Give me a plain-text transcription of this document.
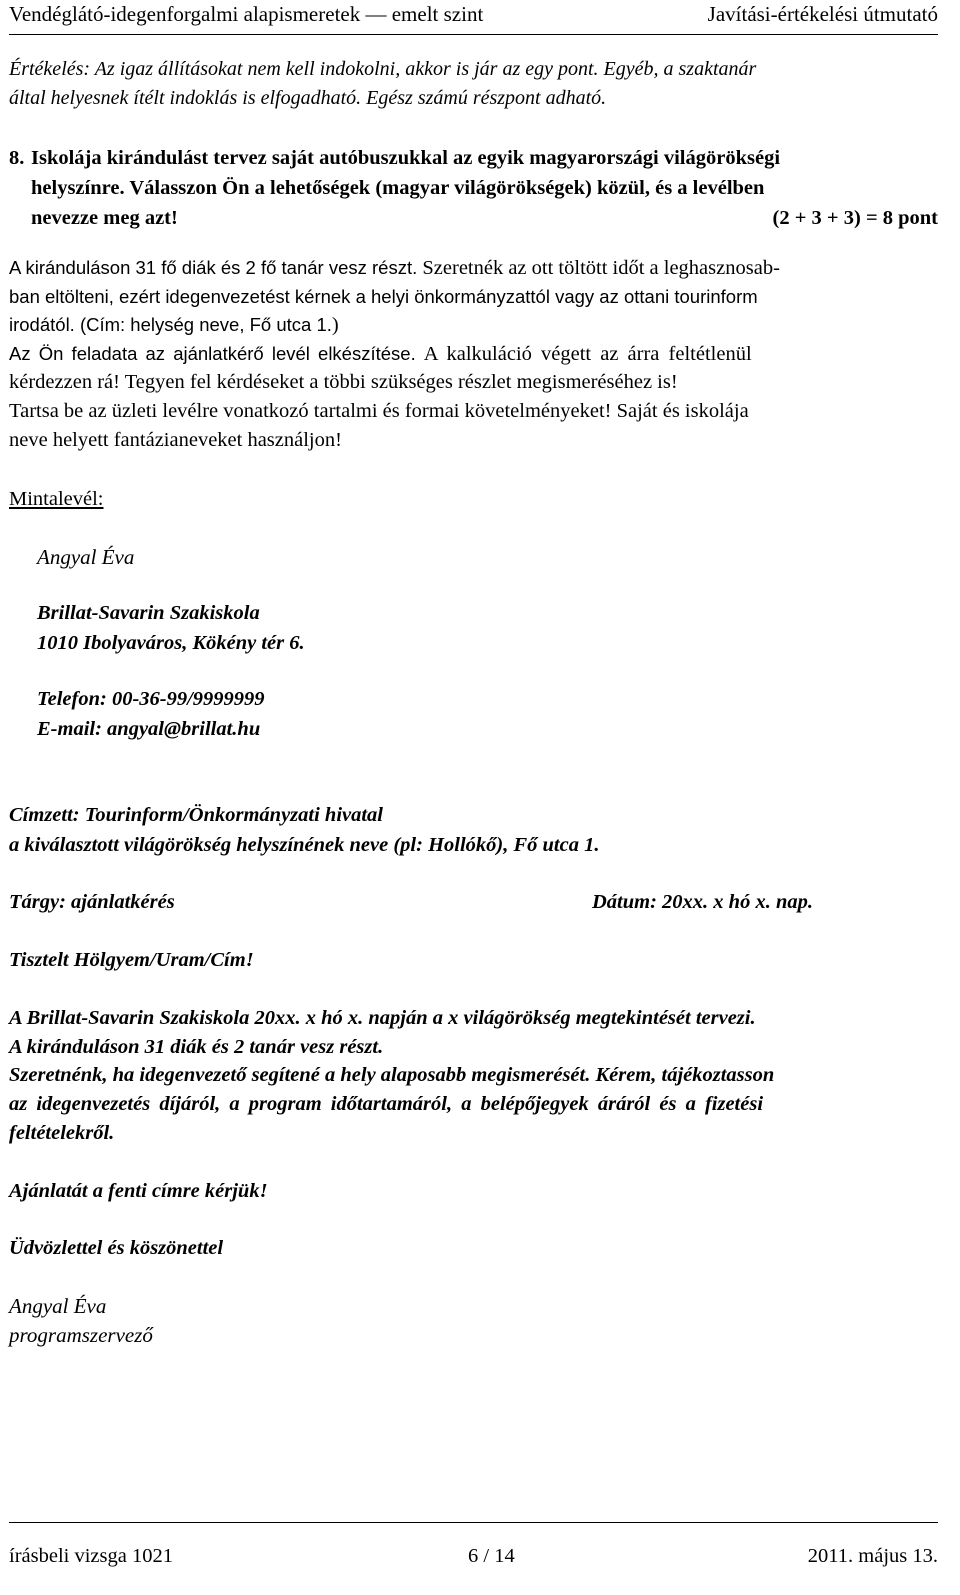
Vendéglátó-idegenforgalmi alapismeretek — emelt szint	Javítási-értékelési útmutató
Értékelés: Az igaz állításokat nem kell indokolni, akkor is jár az egy pont. Egyéb, a szaktanár
által helyesnek ítélt indoklás is elfogadható. Egész számú részpont adható.
8. Iskolája kirándulást tervez saját autóbuszukkal az egyik magyarországi világörökségi
helyszínre. Válasszon Ön a lehetőségek (magyar világörökségek) közül, és a levélben
nevezze meg azt!	(2 + 3 + 3) = 8 pont
A kiránduláson 31 fő diák és 2 fő tanár vesz részt. Szeretnék az ott töltött időt a leghasznosab-
ban eltölteni, ezért idegenvezetést kérnek a helyi önkormányzattól vagy az ottani tourinform
irodától. (Cím: helység neve, Fő utca 1.)
Az Ön feladata az ajánlatkérő levél elkészítése. A kalkuláció végett az árra feltétlenül
kérdezzen rá! Tegyen fel kérdéseket a többi szükséges részlet megismeréséhez is!
Tartsa be az üzleti levélre vonatkozó tartalmi és formai követelményeket! Saját és iskolája
neve helyett fantázianeveket használjon!
Mintalevél:
Angyal Éva
Brillat-Savarin Szakiskola
1010 Ibolyaváros, Kökény tér 6.
Telefon: 00-36-99/9999999
E-mail: angyal@brillat.hu
Címzett: Tourinform/Önkormányzati hivatal
a kiválasztott világörökség helyszínének neve (pl: Hollókő), Fő utca 1.
Tárgy: ajánlatkérés	Dátum: 20xx. x hó x. nap.
Tisztelt Hölgyem/Uram/Cím!
A Brillat-Savarin Szakiskola 20xx. x hó x. napján a x világörökség megtekintését tervezi.
A kiránduláson 31 diák és 2 tanár vesz részt.
Szeretnénk, ha idegenvezető segítené a hely alaposabb megismerését. Kérem, tájékoztasson
az idegenvezetés díjáról, a program időtartamáról, a belépőjegyek áráról és a fizetési
feltételekről.
Ajánlatát a fenti címre kérjük!
Üdvözlettel és köszönettel
Angyal Éva
programszervező
írásbeli vizsga 1021	6 / 14	2011. május 13.
